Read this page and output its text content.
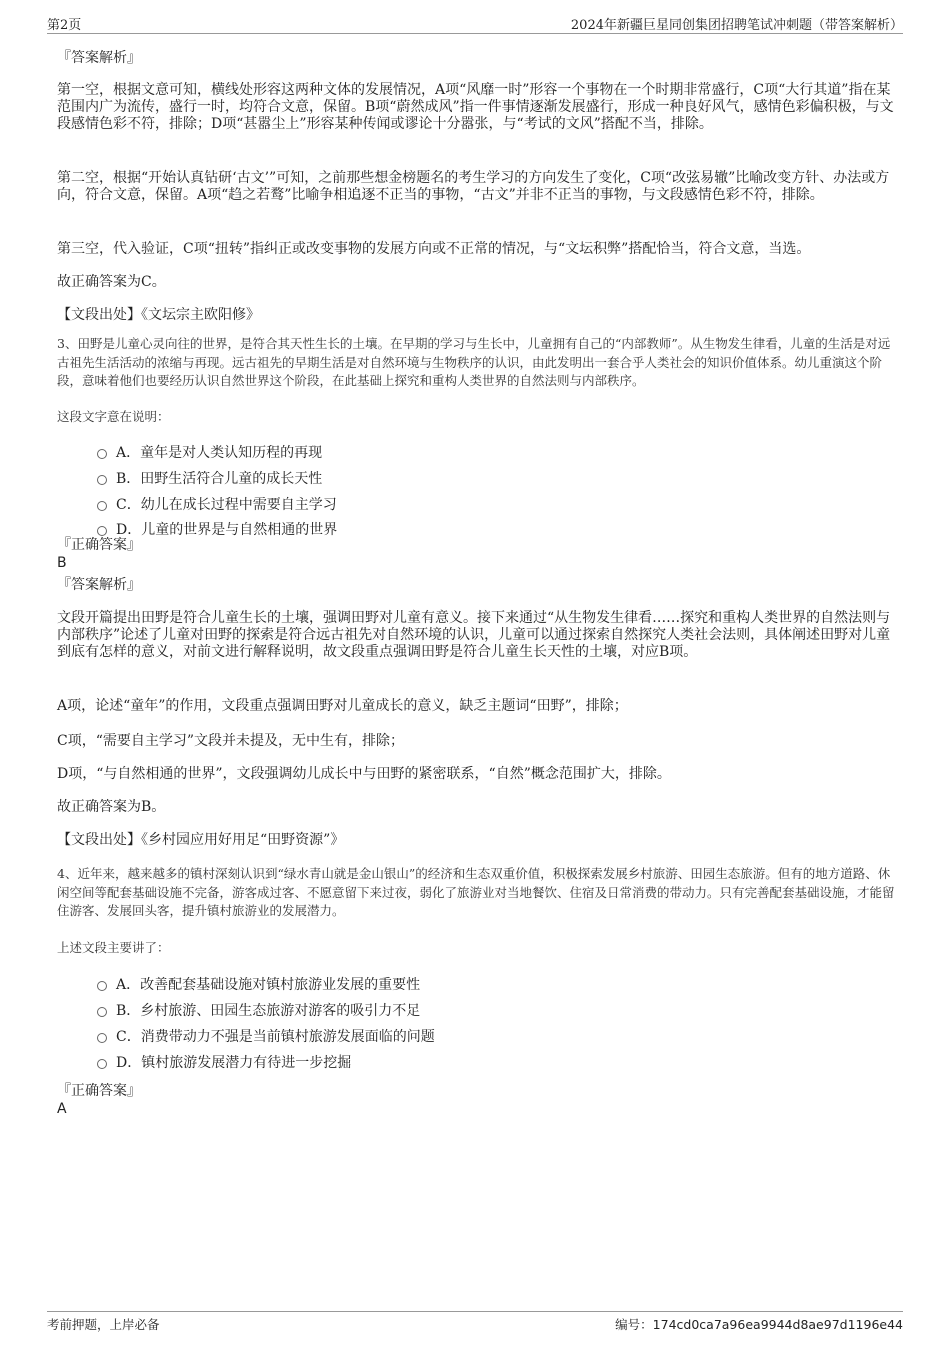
第2页	2024年新疆巨星同创集团招聘笔试冲刺题（带答案解析）
『答案解析』
第一空，根据文意可知，横线处形容这两种文体的发展情况，A项“风靡一时”形容一个事物在一个时期非常盛行，C项“大行其道”指在某范围内广为流传，盛行一时，均符合文意，保留。B项“蔚然成风”指一件事情逐渐发展盛行，形成一种良好风气，感情色彩偏积极，与文段感情色彩不符，排除；D项“甚嚣尘上”形容某种传闻或谬论十分嚣张，与“考试的文风”搭配不当，排除。
第二空，根据“开始认真钻研‘古文’”可知，之前那些想金榜题名的考生学习的方向发生了变化，C项“改弦易辙”比喻改变方针、办法或方向，符合文意，保留。A项“趋之若鹜”比喻争相追逐不正当的事物，“古文”并非不正当的事物，与文段感情色彩不符，排除。
第三空，代入验证，C项“扭转”指纠正或改变事物的发展方向或不正常的情况，与“文坛积弊”搭配恰当，符合文意，当选。
故正确答案为C。
【文段出处】《文坛宗主欧阳修》
3、田野是儿童心灵向往的世界，是符合其天性生长的土壤。在早期的学习与生长中，儿童拥有自己的“内部教师”。从生物发生律看，儿童的生活是对远古祖先生活活动的浓缩与再现。远古祖先的早期生活是对自然环境与生物秩序的认识，由此发明出一套合乎人类社会的知识价值体系。幼儿重演这个阶段，意味着他们也要经历认识自然世界这个阶段，在此基础上探究和重构人类世界的自然法则与内部秩序。
这段文字意在说明：
A．童年是对人类认知历程的再现
B．田野生活符合儿童的成长天性
C．幼儿在成长过程中需要自主学习
D．儿童的世界是与自然相通的世界
『正确答案』
B
『答案解析』
文段开篇提出田野是符合儿童生长的土壤，强调田野对儿童有意义。接下来通过“从生物发生律看……探究和重构人类世界的自然法则与内部秩序”论述了儿童对田野的探索是符合远古祖先对自然环境的认识，儿童可以通过探索自然探究人类社会法则，具体阐述田野对儿童到底有怎样的意义，对前文进行解释说明，故文段重点强调田野是符合儿童生长天性的土壤，对应B项。
A项，论述“童年”的作用，文段重点强调田野对儿童成长的意义，缺乏主题词“田野”，排除；
C项，“需要自主学习”文段并未提及，无中生有，排除；
D项，“与自然相通的世界”，文段强调幼儿成长中与田野的紧密联系，“自然”概念范围扩大，排除。
故正确答案为B。
【文段出处】《乡村园应用好用足“田野资源”》
4、近年来，越来越多的镇村深刻认识到“绿水青山就是金山银山”的经济和生态双重价值，积极探索发展乡村旅游、田园生态旅游。但有的地方道路、休闲空间等配套基础设施不完备，游客成过客、不愿意留下来过夜，弱化了旅游业对当地餐饮、住宿及日常消费的带动力。只有完善配套基础设施，才能留住游客、发展回头客，提升镇村旅游业的发展潜力。
上述文段主要讲了：
A．改善配套基础设施对镇村旅游业发展的重要性
B．乡村旅游、田园生态旅游对游客的吸引力不足
C．消费带动力不强是当前镇村旅游发展面临的问题
D．镇村旅游发展潜力有待进一步挖掘
『正确答案』
A
考前押题，上岸必备	编号：174cd0ca7a96ea9944d8ae97d1196e44
